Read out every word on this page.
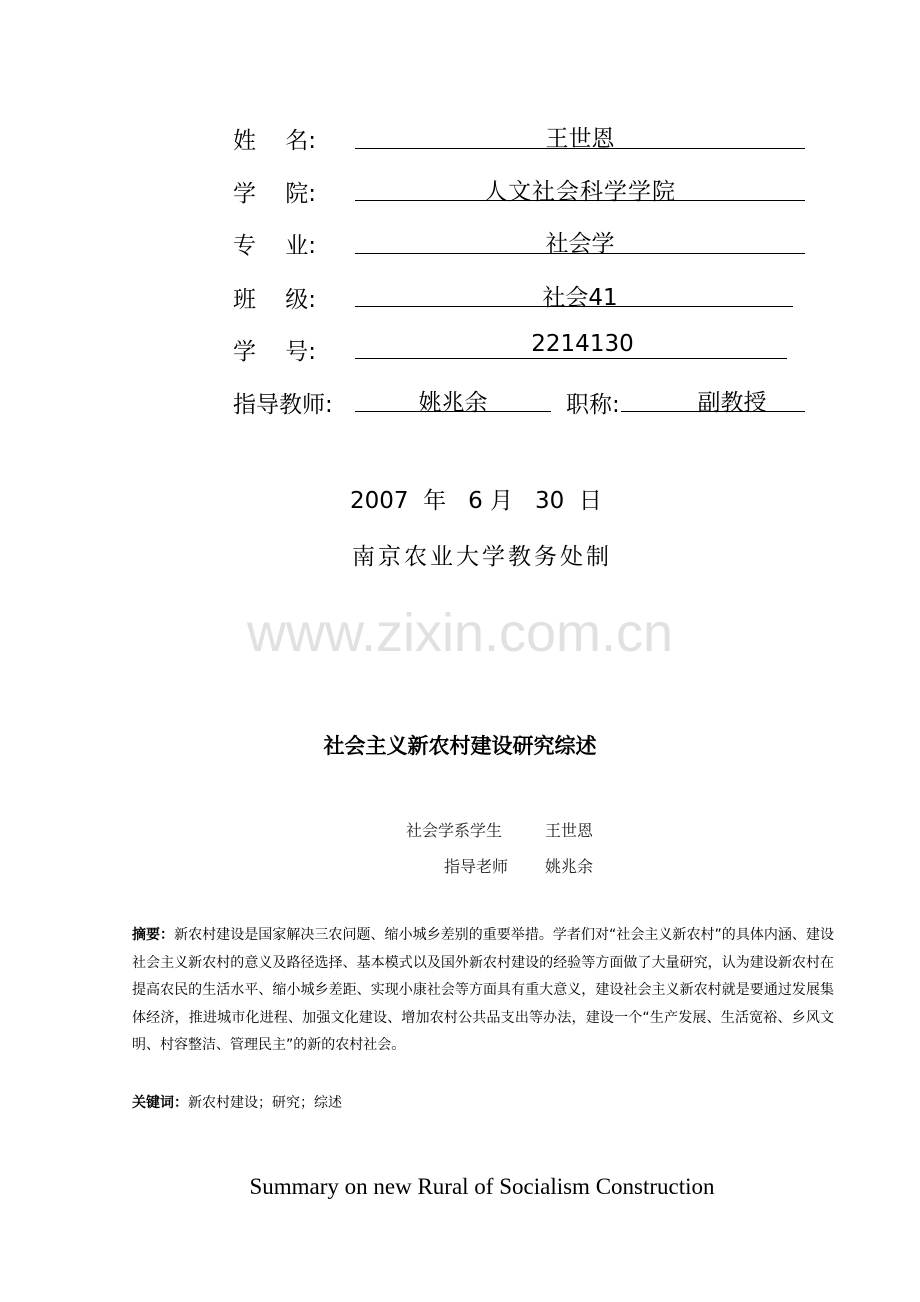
姓    名:	王世恩
学    院:	人文社会科学学院
专    业:	社会学
班    级:	社会41
学    号:	2214130
指导教师:	姚兆余	职称:	副教授
2007  年   6 月   30  日
南京农业大学教务处制
www.zixin.com.cn
社会主义新农村建设研究综述
社会学系学生	王世恩
指导老师 姚兆余
摘要：新农村建设是国家解决三农问题、缩小城乡差别的重要举措。学者们对“社会主义新农村”的具体内涵、建设社会主义新农村的意义及路径选择、基本模式以及国外新农村建设的经验等方面做了大量研究，认为建设新农村在提高农民的生活水平、缩小城乡差距、实现小康社会等方面具有重大意义，建设社会主义新农村就是要通过发展集体经济，推进城市化进程、加强文化建设、增加农村公共品支出等办法，建设一个“生产发展、生活宽裕、乡风文明、村容整洁、管理民主”的新的农村社会。
关键词：新农村建设；研究；综述
Summary on new Rural of Socialism Construction
